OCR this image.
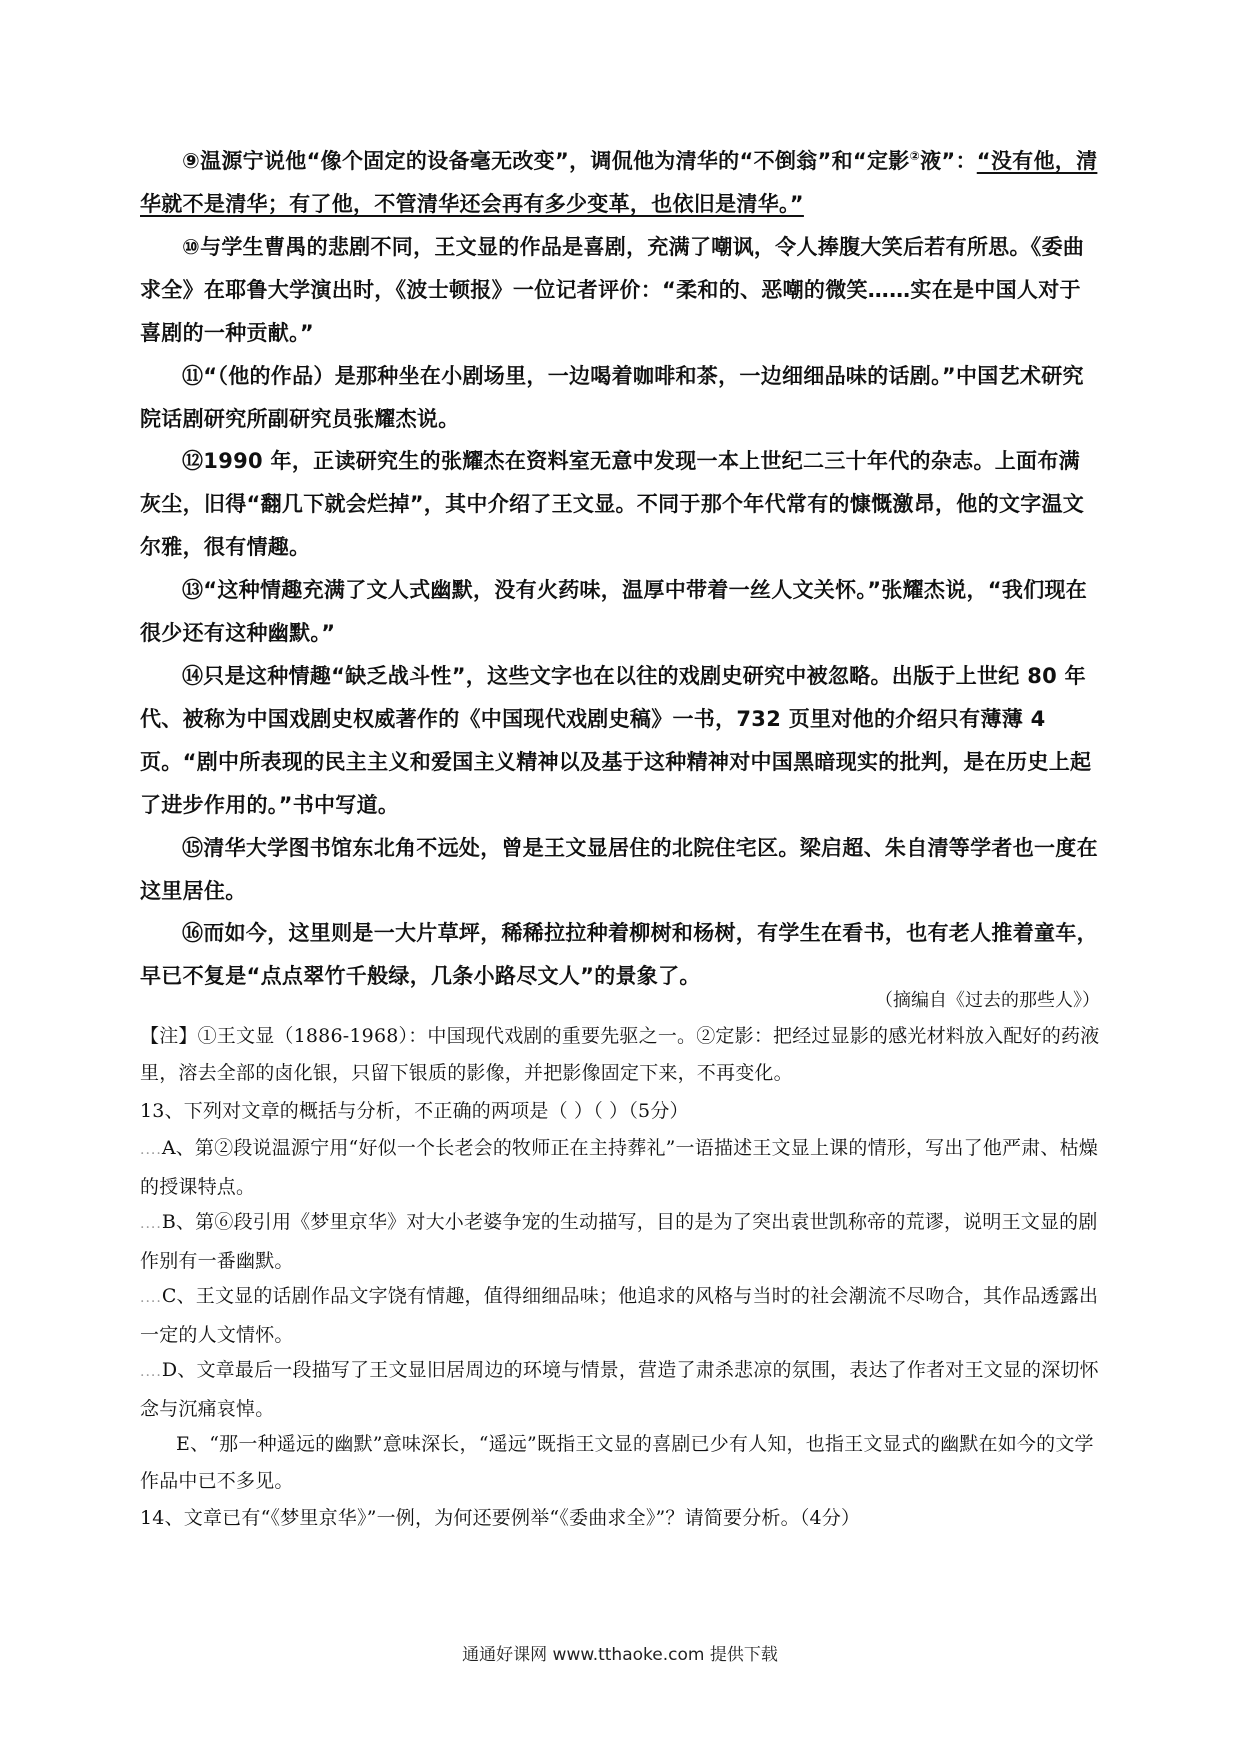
⑨温源宁说他“像个固定的设备毫无改变”，调侃他为清华的“不倒翁”和“定影②液”：“没有他，清华就不是清华；有了他，不管清华还会再有多少变革，也依旧是清华。”

⑩与学生曹禺的悲剧不同，王文显的作品是喜剧，充满了嘲讽，令人捧腹大笑后若有所思。《委曲求全》在耶鲁大学演出时，《波士顿报》一位记者评价：“柔和的、恶嘲的微笑……实在是中国人对于喜剧的一种贡献。”

⑪“（他的作品）是那种坐在小剧场里，一边喝着咖啡和茶，一边细细品味的话剧。”中国艺术研究院话剧研究所副研究员张耀杰说。

⑫1990 年，正读研究生的张耀杰在资料室无意中发现一本上世纪二三十年代的杂志。上面布满灰尘，旧得“翻几下就会烂掉”，其中介绍了王文显。不同于那个年代常有的慷慨激昂，他的文字温文尔雅，很有情趣。

⑬“这种情趣充满了文人式幽默，没有火药味，温厚中带着一丝人文关怀。”张耀杰说，“我们现在很少还有这种幽默。”

⑭只是这种情趣“缺乏战斗性”，这些文字也在以往的戏剧史研究中被忽略。出版于上世纪 80 年代、被称为中国戏剧史权威著作的《中国现代戏剧史稿》一书，732 页里对他的介绍只有薄薄 4 页。“剧中所表现的民主主义和爱国主义精神以及基于这种精神对中国黑暗现实的批判，是在历史上起了进步作用的。”书中写道。

⑮清华大学图书馆东北角不远处，曾是王文显居住的北院住宅区。梁启超、朱自清等学者也一度在这里居住。

⑯而如今，这里则是一大片草坪，稀稀拉拉种着柳树和杨树，有学生在看书，也有老人推着童车，早已不复是“点点翠竹千般绿，几条小路尽文人”的景象了。

（摘编自《过去的那些人》）

【注】①王文显（1886-1968）：中国现代戏剧的重要先驱之一。②定影：把经过显影的感光材料放入配好的药液里，溶去全部的卤化银，只留下银质的影像，并把影像固定下来，不再变化。

13、下列对文章的概括与分析，不正确的两项是（ ）（ ）（5分）

....A、第②段说温源宁用“好似一个长老会的牧师正在主持葬礼”一语描述王文显上课的情形，写出了他严肃、枯燥的授课特点。

....B、第⑥段引用《梦里京华》对大小老婆争宠的生动描写，目的是为了突出袁世凯称帝的荒谬，说明王文显的剧作别有一番幽默。

....C、王文显的话剧作品文字饶有情趣，值得细细品味；他追求的风格与当时的社会潮流不尽吻合，其作品透露出一定的人文情怀。

....D、文章最后一段描写了王文显旧居周边的环境与情景，营造了肃杀悲凉的氛围，表达了作者对王文显的深切怀念与沉痛哀悼。

E、“那一种遥远的幽默”意味深长，“遥远”既指王文显的喜剧已少有人知，也指王文显式的幽默在如今的文学作品中已不多见。

14、文章已有“《梦里京华》”一例，为何还要例举“《委曲求全》”？请简要分析。（4分）

通通好课网 www.tthaoke.com 提供下载
